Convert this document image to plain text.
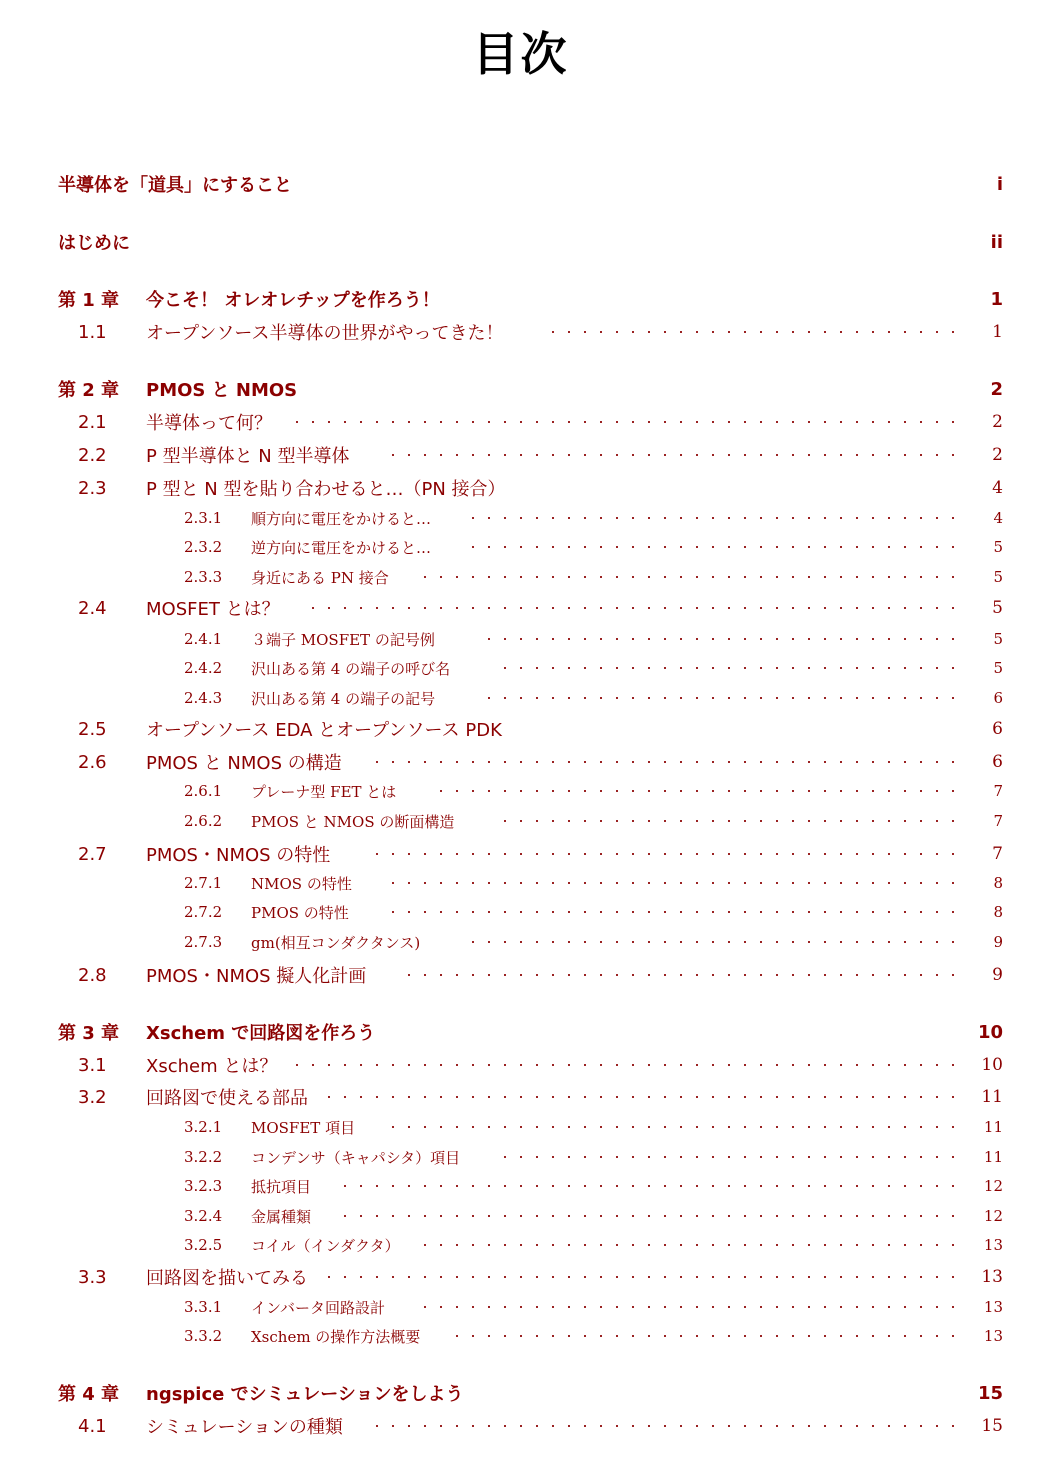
目次
半導体を「道具」にすること	i
はじめに	ii
第 1 章 今こそ！ オレオレチップを作ろう！	1
1.1 オープンソース半導体の世界がやってきた！	1
第 2 章 PMOS と NMOS	2
2.1 半導体って何？	2
2.2 P 型半導体と N 型半導体	2
2.3 P 型と N 型を貼り合わせると…（PN 接合）	4
2.3.1 順方向に電圧をかけると…	4
2.3.2 逆方向に電圧をかけると…	5
2.3.3 身近にある PN 接合	5
2.4 MOSFET とは？	5
2.4.1 ３端子 MOSFET の記号例	5
2.4.2 沢山ある第 4 の端子の呼び名	5
2.4.3 沢山ある第 4 の端子の記号	6
2.5 オープンソース EDA とオープンソース PDK	6
2.6 PMOS と NMOS の構造	6
2.6.1 プレーナ型 FET とは	7
2.6.2 PMOS と NMOS の断面構造	7
2.7 PMOS・NMOS の特性	7
2.7.1 NMOS の特性	8
2.7.2 PMOS の特性	8
2.7.3 gm(相互コンダクタンス)	9
2.8 PMOS・NMOS 擬人化計画	9
第 3 章 Xschem で回路図を作ろう	10
3.1 Xschem とは？	10
3.2 回路図で使える部品	11
3.2.1 MOSFET 項目	11
3.2.2 コンデンサ（キャパシタ）項目	11
3.2.3 抵抗項目	12
3.2.4 金属種類	12
3.2.5 コイル（インダクタ）	13
3.3 回路図を描いてみる	13
3.3.1 インバータ回路設計	13
3.3.2 Xschem の操作方法概要	13
第 4 章 ngspice でシミュレーションをしよう	15
4.1 シミュレーションの種類	15
